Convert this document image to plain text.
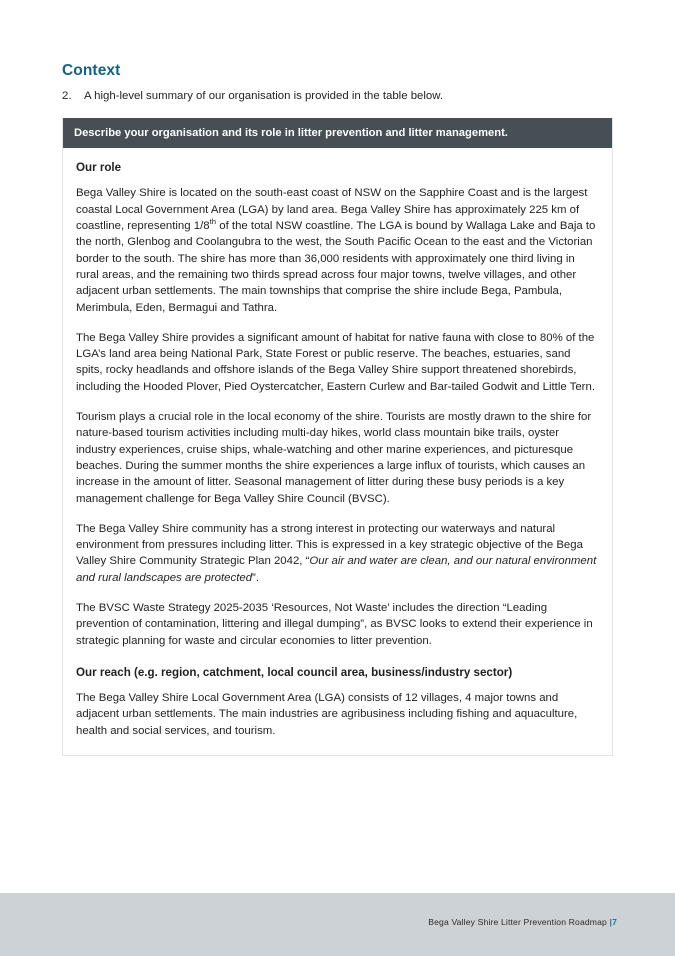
Context
2.	A high-level summary of our organisation is provided in the table below.
Describe your organisation and its role in litter prevention and litter management.
Our role

Bega Valley Shire is located on the south-east coast of NSW on the Sapphire Coast and is the largest coastal Local Government Area (LGA) by land area. Bega Valley Shire has approximately 225 km of coastline, representing 1/8th of the total NSW coastline. The LGA is bound by Wallaga Lake and Baja to the north, Glenbog and Coolangubra to the west, the South Pacific Ocean to the east and the Victorian border to the south. The shire has more than 36,000 residents with approximately one third living in rural areas, and the remaining two thirds spread across four major towns, twelve villages, and other adjacent urban settlements. The main townships that comprise the shire include Bega, Pambula, Merimbula, Eden, Bermagui and Tathra.

The Bega Valley Shire provides a significant amount of habitat for native fauna with close to 80% of the LGA’s land area being National Park, State Forest or public reserve. The beaches, estuaries, sand spits, rocky headlands and offshore islands of the Bega Valley Shire support threatened shorebirds, including the Hooded Plover, Pied Oystercatcher, Eastern Curlew and Bar-tailed Godwit and Little Tern.

Tourism plays a crucial role in the local economy of the shire. Tourists are mostly drawn to the shire for nature-based tourism activities including multi-day hikes, world class mountain bike trails, oyster industry experiences, cruise ships, whale-watching and other marine experiences, and picturesque beaches. During the summer months the shire experiences a large influx of tourists, which causes an increase in the amount of litter. Seasonal management of litter during these busy periods is a key management challenge for Bega Valley Shire Council (BVSC).

The Bega Valley Shire community has a strong interest in protecting our waterways and natural environment from pressures including litter. This is expressed in a key strategic objective of the Bega Valley Shire Community Strategic Plan 2042, “Our air and water are clean, and our natural environment and rural landscapes are protected”.

The BVSC Waste Strategy 2025-2035 ‘Resources, Not Waste’ includes the direction “Leading prevention of contamination, littering and illegal dumping”, as BVSC looks to extend their experience in strategic planning for waste and circular economies to litter prevention.

Our reach (e.g. region, catchment, local council area, business/industry sector)

The Bega Valley Shire Local Government Area (LGA) consists of 12 villages, 4 major towns and adjacent urban settlements. The main industries are agribusiness including fishing and aquaculture, health and social services, and tourism.

Bega Valley Shire Litter Prevention Roadmap |7
